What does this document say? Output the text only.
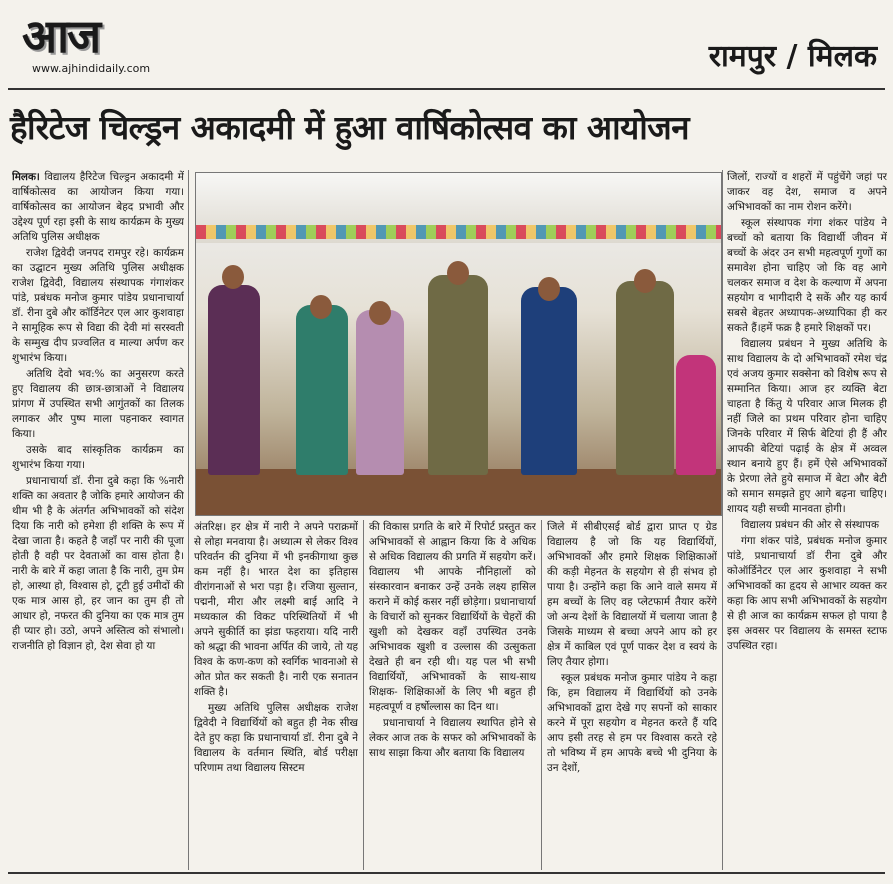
आज
www.ajhindidaily.com	रामपुर / मिलक
हैरिटेज चिल्ड्रन अकादमी में हुआ वार्षिकोत्सव का आयोजन

मिलक। विद्यालय हैरिटेज चिल्ड्रन अकादमी में वार्षिकोत्सव का आयोजन किया गया। वार्षिकोत्सव का आयोजन बेहद प्रभावी और उद्देश्य पूर्ण रहा इसी के साथ कार्यक्रम के मुख्य अतिथि पुलिस अधीक्षक

राजेश द्विवेदी जनपद रामपुर रहे। कार्यक्रम का उद्घाटन मुख्य अतिथि पुलिस अधीक्षक राजेश द्विवेदी, विद्यालय संस्थापक गंगाशंकर पांडे, प्रबंधक मनोज कुमार पांडेय प्रधानाचार्या डॉ. रीना दुबे और कॉर्डिनेटर एल आर कुशवाहा ने सामूहिक रूप से विद्या की देवी मां सरस्वती के सम्मुख दीप प्रज्वलित व माल्या अर्पण कर शुभारंभ किया।

अतिथि देवो भव:% का अनुसरण करते हुए विद्यालय की छात्र-छात्राओं ने विद्यालय प्रांगण में उपस्थित सभी आगुंतकों का तिलक लगाकर और पुष्प माला पहनाकर स्वागत किया।

उसके बाद सांस्कृतिक कार्यक्रम का शुभारंभ किया गया।

प्रधानाचार्या डॉ. रीना दुबे कहा कि %नारी शक्ति का अवतार है जोकि हमारे आयोजन की थीम भी है के अंतर्गत अभिभावकों को संदेश दिया कि नारी को हमेशा ही शक्ति के रूप में देखा जाता है। कहते है जहाँ पर नारी की पूजा होती है वही पर देवताओं का वास होता है। नारी के बारे में कहा जाता है कि नारी, तुम प्रेम हो, आस्था हो, विश्वास हो, टूटी हुई उमीदों की एक मात्र आस हो, हर जान का तुम ही तो आधार हो, नफरत की दुनिया का एक मात्र तुम ही प्यार हो। उठो, अपने अस्तित्व को संभालो। राजनीति हो विज्ञान हो, देश सेवा हो या

अंतरिक्ष। हर क्षेत्र में नारी ने अपने पराक्रमों से लोहा मनवाया है। अध्यात्म से लेकर विश्व परिवर्तन की दुनिया में भी इनकीगाथा कुछ कम नहीं है। भारत देश का इतिहास वीरांगनाओं से भरा पड़ा है। रजिया सुल्तान, पद्मनी, मीरा और लक्ष्मी बाई आदि ने मध्यकाल की विकट परिस्थितियों में भी अपने सुकीर्ति का झंडा फहराया। यदि नारी को श्रद्धा की भावना अर्पित की जाये, तो यह विश्व के कण-कण को स्वर्गिक भावनाओ से ओत प्रोत कर सकती है। नारी एक सनातन शक्ति है।

मुख्य अतिथि पुलिस अधीक्षक राजेश द्विवेदी ने विद्यार्थियों को बहुत ही नेक सीख देते हुए कहा कि प्रधानाचार्या डॉ. रीना दुबे ने विद्यालय के वर्तमान स्थिति, बोर्ड परीक्षा परिणाम तथा विद्यालय सिस्टम

की विकास प्रगति के बारे में रिपोर्ट प्रस्तुत कर अभिभावकों से आह्वान किया कि वे अधिक से अधिक विद्यालय की प्रगति में सहयोग करें। विद्यालय भी आपके नौनिहालों को संस्कारवान बनाकर उन्हें उनके लक्ष्य हासिल कराने में कोई कसर नहीं छोड़ेगा। प्रधानाचार्या के विचारों को सुनकर विद्यार्थियों के चेहरों की खुशी को देखकर वहाँ उपस्थित उनके अभिभावक खुशी व उल्लास की उत्सुकता देखते ही बन रही थी। यह पल भी सभी विद्यार्थियों, अभिभावकों के साथ-साथ शिक्षक- शिक्षिकाओं के लिए भी बहुत ही महत्वपूर्ण व हर्षोल्लास का दिन था।

प्रधानाचार्या ने विद्यालय स्थापित होने से लेकर आज तक के सफर को अभिभावकों के साथ साझा किया और बताया कि विद्यालय

जिले में सीबीएसई बोर्ड द्वारा प्राप्त ए ग्रेड विद्यालय है जो कि यह विद्यार्थियों, अभिभावकों और हमारे शिक्षक शिक्षिकाओं की कड़ी मेहनत के सहयोग से ही संभव हो पाया है। उन्होंने कहा कि आने वाले समय में हम बच्चों के लिए वह प्लेटफार्म तैयार करेंगे जो अन्य देशों के विद्यालयों में चलाया जाता है जिसके माध्यम से बच्चा अपने आप को हर क्षेत्र में काबिल एवं पूर्ण पाकर देश व स्वयं के लिए तैयार होगा।

स्कूल प्रबंधक मनोज कुमार पांडेय ने कहा कि, हम विद्यालय में विद्यार्थियों को उनके अभिभावकों द्वारा देखे गए सपनों को साकार करने में पूरा सहयोग व मेहनत करते हैं यदि आप इसी तरह से हम पर विश्वास करते रहे तो भविष्य में हम आपके बच्चे भी दुनिया के उन देशों,

जिलों, राज्यों व शहरों में पहुंचेंगे जहां पर जाकर वह देश, समाज व अपने अभिभावकों का नाम रोशन करेंगे।

स्कूल संस्थापक गंगा शंकर पांडेय ने बच्चों को बताया कि विद्यार्थी जीवन में बच्चों के अंदर उन सभी महत्वपूर्ण गुणों का समावेश होना चाहिए जो कि वह आगे चलकर समाज व देश के कल्याण में अपना सहयोग व भागीदारी दे सकें और यह कार्य सबसे बेहतर अध्यापक-अध्यापिका ही कर सकते हैं।हमें फक्र है हमारे शिक्षकों पर।

विद्यालय प्रबंधन ने मुख्य अतिथि के साथ विद्यालय के दो अभिभावकों रमेश चंद्र एवं अजय कुमार सक्सेना को विशेष रूप से सम्मानित किया। आज हर व्यक्ति बेटा चाहता है किंतु ये परिवार आज मिलक ही नहीं जिले का प्रथम परिवार होना चाहिए जिनके परिवार में सिर्फ बेटियां ही हैं और आपकी बेटियां पढ़ाई के क्षेत्र में अव्वल स्थान बनाये हुए हैं। हमें ऐसे अभिभावकों के प्रेरणा लेते हुये समाज में बेटा और बेटी को समान समझते हुए आगे बढ़ना चाहिए। शायद यही सच्ची मानवता होगी।

विद्यालय प्रबंधन की ओर से संस्थापक

गंगा शंकर पांडे, प्रबंधक मनोज कुमार पांडे, प्रधानाचार्या डॉ रीना दुबे और कोऑर्डिनेटर एल आर कुशवाहा ने सभी अभिभावकों का हृदय से आभार व्यक्त कर कहा कि आप सभी अभिभावकों के सहयोग से ही आज का कार्यक्रम सफल हो पाया है इस अवसर पर विद्यालय के समस्त स्टाफ उपस्थित रहा।
